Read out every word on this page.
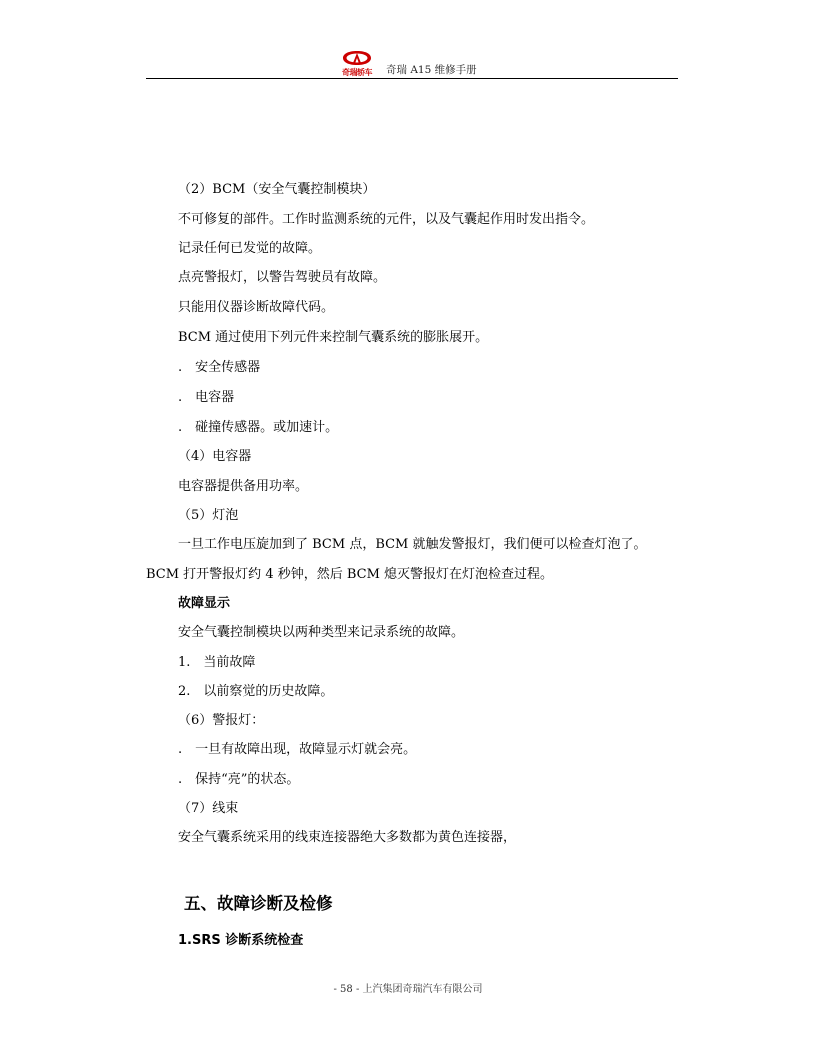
奇瑞轿车	奇瑞 A15 维修手册
（2）BCM（安全气囊控制模块）
不可修复的部件。工作时监测系统的元件，以及气囊起作用时发出指令。
记录任何已发觉的故障。
点亮警报灯，以警告驾驶员有故障。
只能用仪器诊断故障代码。
BCM 通过使用下列元件来控制气囊系统的膨胀展开。
.　安全传感器
.　电容器
.　碰撞传感器。或加速计。
（4）电容器
电容器提供备用功率。
（5）灯泡
一旦工作电压旋加到了 BCM 点，BCM 就触发警报灯，我们便可以检查灯泡了。
BCM 打开警报灯约 4 秒钟，然后 BCM 熄灭警报灯在灯泡检查过程。
故障显示
安全气囊控制模块以两种类型来记录系统的故障。
1.　当前故障
2.　以前察觉的历史故障。
（6）警报灯：
.　一旦有故障出现，故障显示灯就会亮。
.　保持“亮”的状态。
（7）线束
安全气囊系统采用的线束连接器绝大多数都为黄色连接器，
五、故障诊断及检修
1.SRS 诊断系统检查
- 58 - 上汽集团奇瑞汽车有限公司
